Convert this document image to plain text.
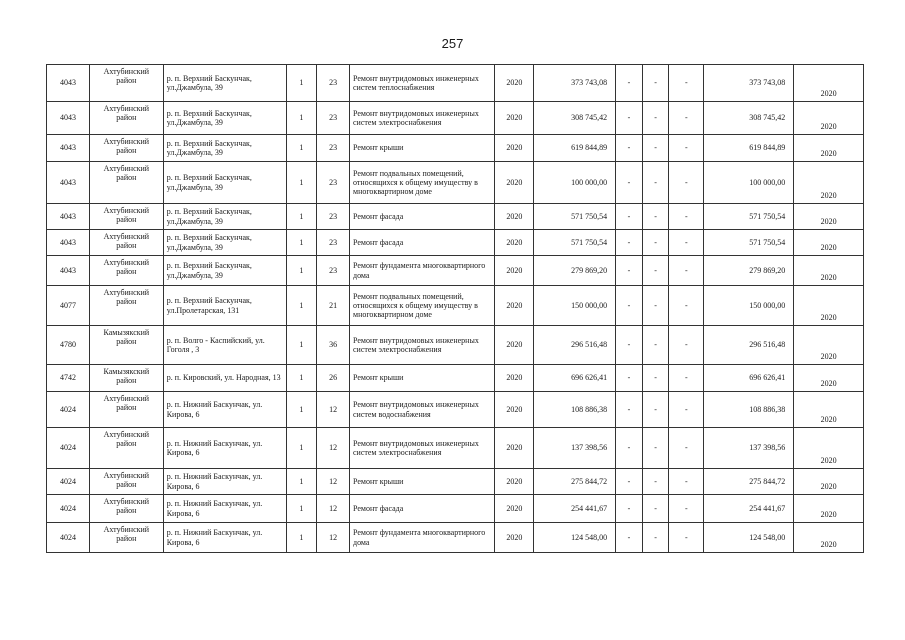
257
4043	Ахтубинский район	р. п. Верхний Баскунчак, ул.Джамбула, 39	1	23	Ремонт внутридомовых инженерных систем теплоснабжения	2020	373 743,08	-	-	-	373 743,08	2020
4043	Ахтубинский район	р. п. Верхний Баскунчак, ул.Джамбула, 39	1	23	Ремонт внутридомовых инженерных систем электроснабжения	2020	308 745,42	-	-	-	308 745,42	2020
4043	Ахтубинский район	р. п. Верхний Баскунчак, ул.Джамбула, 39	1	23	Ремонт крыши	2020	619 844,89	-	-	-	619 844,89	2020
4043	Ахтубинский район	р. п. Верхний Баскунчак, ул.Джамбула, 39	1	23	Ремонт подвальных помещений, относящихся к общему имуществу в многоквартирном доме	2020	100 000,00	-	-	-	100 000,00	2020
4043	Ахтубинский район	р. п. Верхний Баскунчак, ул.Джамбула, 39	1	23	Ремонт фасада	2020	571 750,54	-	-	-	571 750,54	2020
4043	Ахтубинский район	р. п. Верхний Баскунчак, ул.Джамбула, 39	1	23	Ремонт фасада	2020	571 750,54	-	-	-	571 750,54	2020
4043	Ахтубинский район	р. п. Верхний Баскунчак, ул.Джамбула, 39	1	23	Ремонт фундамента многоквартирного дома	2020	279 869,20	-	-	-	279 869,20	2020
4077	Ахтубинский район	р. п. Верхний Баскунчак, ул.Пролетарская, 131	1	21	Ремонт подвальных помещений, относящихся к общему имуществу в многоквартирном доме	2020	150 000,00	-	-	-	150 000,00	2020
4780	Камызякский район	р. п. Волго - Каспийский, ул. Гоголя , 3	1	36	Ремонт внутридомовых инженерных систем электроснабжения	2020	296 516,48	-	-	-	296 516,48	2020
4742	Камызякский район	р. п. Кировский, ул. Народная, 13	1	26	Ремонт крыши	2020	696 626,41	-	-	-	696 626,41	2020
4024	Ахтубинский район	р. п. Нижний Баскунчак, ул. Кирова, 6	1	12	Ремонт внутридомовых инженерных систем водоснабжения	2020	108 886,38	-	-	-	108 886,38	2020
4024	Ахтубинский район	р. п. Нижний Баскунчак, ул. Кирова, 6	1	12	Ремонт внутридомовых инженерных систем электроснабжения	2020	137 398,56	-	-	-	137 398,56	2020
4024	Ахтубинский район	р. п. Нижний Баскунчак, ул. Кирова, 6	1	12	Ремонт крыши	2020	275 844,72	-	-	-	275 844,72	2020
4024	Ахтубинский район	р. п. Нижний Баскунчак, ул. Кирова, 6	1	12	Ремонт фасада	2020	254 441,67	-	-	-	254 441,67	2020
4024	Ахтубинский район	р. п. Нижний Баскунчак, ул. Кирова, 6	1	12	Ремонт фундамента многоквартирного дома	2020	124 548,00	-	-	-	124 548,00	2020
